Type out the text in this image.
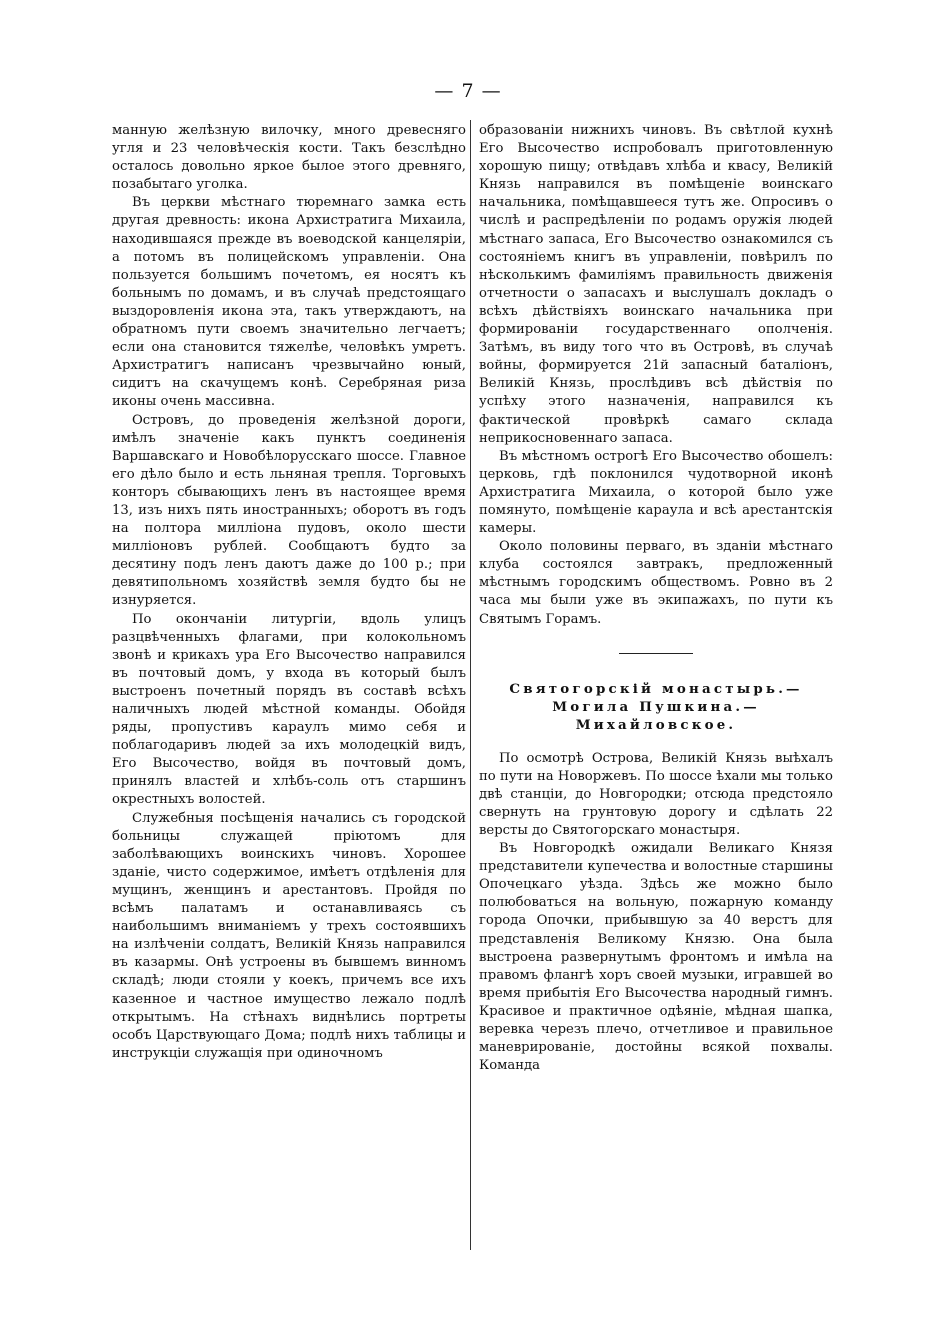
— 7 —

манную желѣзную вилочку, много древесняго угля и 23 человѣческія кости. Такъ безслѣдно осталось довольно яркое былое этого древняго, позабытаго уголка.

Въ церкви мѣстнаго тюремнаго замка есть другая древность: икона Архистратига Михаила, находившаяся прежде въ воеводской канцеляріи, а потомъ въ полицейскомъ управленіи. Она пользуется большимъ почетомъ, ея носятъ къ больнымъ по домамъ, и въ случаѣ предстоящаго выздоровленія икона эта, такъ утверждаютъ, на обратномъ пути своемъ значительно легчаетъ; если она становится тяжелѣе, человѣкъ умретъ. Архистратигъ написанъ чрезвычайно юный, сидитъ на скачущемъ конѣ. Серебряная риза иконы очень массивна.

Островъ, до проведенія желѣзной дороги, имѣлъ значеніе какъ пунктъ соединенія Варшавскаго и Новобѣлорусскаго шоссе. Главное его дѣло было и есть льняная трепля. Торговыхъ конторъ сбывающихъ ленъ въ настоящее время 13, изъ нихъ пять иностранныхъ; оборотъ въ годъ на полтора милліона пудовъ, около шести милліоновъ рублей. Сообщаютъ будто за десятину подъ ленъ даютъ даже до 100 р.; при девятипольномъ хозяйствѣ земля будто бы не изнуряется.

По окончаніи литургіи, вдоль улицъ разцвѣченныхъ флагами, при колокольномъ звонѣ и крикахъ ура Его Высочество направился въ почтовый домъ, у входа въ который былъ выстроенъ почетный порядъ въ составѣ всѣхъ наличныхъ людей мѣстной команды. Обойдя ряды, пропустивъ караулъ мимо себя и поблагодаривъ людей за ихъ молодецкій видъ, Его Высочество, войдя въ почтовый домъ, принялъ властей и хлѣбъ-соль отъ старшинъ окрестныхъ волостей.

Служебныя посѣщенія начались съ городской больницы служащей пріютомъ для заболѣвающихъ воинскихъ чиновъ. Хорошее зданіе, чисто содержимое, имѣетъ отдѣленія для мущинъ, женщинъ и арестантовъ. Пройдя по всѣмъ палатамъ и останавливаясь съ наибольшимъ вниманіемъ у трехъ состоявшихъ на излѣченіи солдатъ, Великій Князь направился въ казармы. Онѣ устроены въ бывшемъ винномъ складѣ; люди стояли у коекъ, причемъ все ихъ казенное и частное имущество лежало подлѣ открытымъ. На стѣнахъ виднѣлись портреты особъ Царствующаго Дома; подлѣ нихъ таблицы и инструкціи служащія при одиночномъ

образованіи нижнихъ чиновъ. Въ свѣтлой кухнѣ Его Высочество испробовалъ приготовленную хорошую пищу; отвѣдавъ хлѣба и квасу, Великій Князь направился въ помѣщеніе воинскаго начальника, помѣщавшееся тутъ же. Опросивъ о числѣ и распредѣленіи по родамъ оружія людей мѣстнаго запаса, Его Высочество ознакомился съ состояніемъ книгъ въ управленіи, повѣрилъ по нѣсколькимъ фамиліямъ правильность движенія отчетности о запасахъ и выслушалъ докладъ о всѣхъ дѣйствіяхъ воинскаго начальника при формированіи государственнаго ополченія. Затѣмъ, въ виду того что въ Островѣ, въ случаѣ войны, формируется 21й запасный баталіонъ, Великій Князь, прослѣдивъ всѣ дѣйствія по успѣху этого назначенія, направился къ фактической провѣркѣ самаго склада неприкосновеннаго запаса.

Въ мѣстномъ острогѣ Его Высочество обошелъ: церковь, гдѣ поклонился чудотворной иконѣ Архистратига Михаила, о которой было уже помянуто, помѣщеніе караула и всѣ арестантскія камеры.

Около половины перваго, въ зданіи мѣстнаго клуба состоялся завтракъ, предложенный мѣстнымъ городскимъ обществомъ. Ровно въ 2 часа мы были уже въ экипажахъ, по пути къ Святымъ Горамъ.

Святогорскій монастырь.— Могила Пушкина.—Михайловское.

По осмотрѣ Острова, Великій Князь выѣхалъ по пути на Новоржевъ. По шоссе ѣхали мы только двѣ станціи, до Новгородки; отсюда предстояло свернуть на грунтовую дорогу и сдѣлать 22 версты до Святогорскаго монастыря.

Въ Новгородкѣ ожидали Великаго Князя представители купечества и волостные старшины Опочецкаго уѣзда. Здѣсь же можно было полюбоваться на вольную, пожарную команду города Опочки, прибывшую за 40 верстъ для представленія Великому Князю. Она была выстроена развернутымъ фронтомъ и имѣла на правомъ флангѣ хоръ своей музыки, игравшей во время прибытія Его Высочества народный гимнъ. Красивое и практичное одѣяніе, мѣдная шапка, веревка черезъ плечо, отчетливое и правильное маневрированіе, достойны всякой похвалы. Команда
